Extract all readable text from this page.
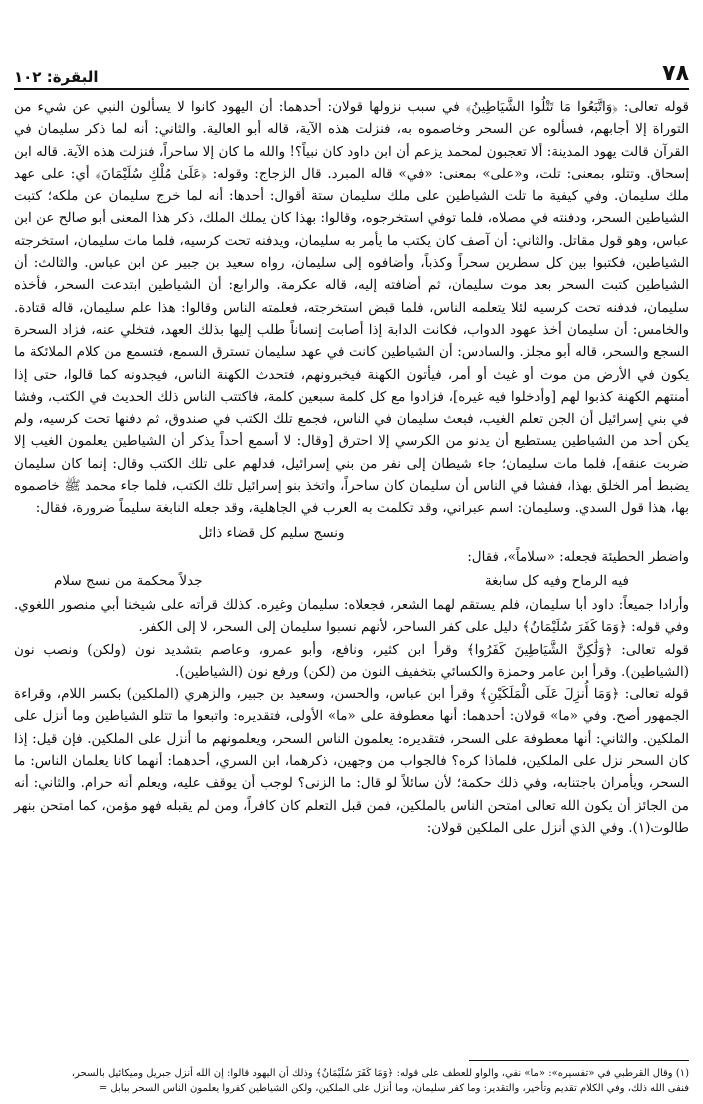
٧٨
البقرة: ١٠٢

قوله تعالى: ﴿وَاتَّبَعُوا مَا تَتْلُوا الشَّيَاطِينُ﴾ في سبب نزولها قولان: أحدهما: أن اليهود كانوا لا يسألون النبي عن شيء من التوراة إلا أجابهم، فسألوه عن السحر وخاصموه به، فنزلت هذه الآية، قاله أبو العالية. والثاني: أنه لما ذكر سليمان في القرآن قالت يهود المدينة: ألا تعجبون لمحمد يزعم أن ابن داود كان نبياً؟! والله ما كان إلا ساحراً، فنزلت هذه الآية. قاله ابن إسحاق. وتتلو، بمعنى: تلت، و«على» بمعنى: «في» قاله المبرد. قال الزجاج: وقوله: ﴿عَلَىٰ مُلْكِ سُلَيْمَانَ﴾ أي: على عهد ملك سليمان. وفي كيفية ما تلت الشياطين على ملك سليمان ستة أقوال: أحدها: أنه لما خرج سليمان عن ملكه؛ كتبت الشياطين السحر، ودفنته في مصلاه، فلما توفي استخرجوه، وقالوا: بهذا كان يملك الملك، ذكر هذا المعنى أبو صالح عن ابن عباس، وهو قول مقاتل. والثاني: أن آصف كان يكتب ما يأمر به سليمان، ويدفنه تحت كرسيه، فلما مات سليمان، استخرجته الشياطين، فكتبوا بين كل سطرين سحراً وكذباً، وأضافوه إلى سليمان، رواه سعيد بن جبير عن ابن عباس. والثالث: أن الشياطين كتبت السحر بعد موت سليمان، ثم أضافته إليه، قاله عكرمة. والرابع: أن الشياطين ابتدعت السحر، فأخذه سليمان، فدفنه تحت كرسيه لئلا يتعلمه الناس، فلما قبض استخرجته، فعلمته الناس وقالوا: هذا علم سليمان، قاله قتادة. والخامس: أن سليمان أخذ عهود الدواب، فكانت الدابة إذا أصابت إنساناً طلب إليها بذلك العهد، فتخلي عنه، فزاد السحرة السجع والسحر، قاله أبو مجلز. والسادس: أن الشياطين كانت في عهد سليمان تسترق السمع، فتسمع من كلام الملائكة ما يكون في الأرض من موت أو غيث أو أمر، فيأتون الكهنة فيخبرونهم، فتحدث الكهنة الناس، فيجدونه كما قالوا، حتى إذا أمنتهم الكهنة كذبوا لهم [وأدخلوا فيه غيره]، فزادوا مع كل كلمة سبعين كلمة، فاكتتب الناس ذلك الحديث في الكتب، وفشا في بني إسرائيل أن الجن تعلم الغيب، فبعث سليمان في الناس، فجمع تلك الكتب في صندوق، ثم دفنها تحت كرسيه، ولم يكن أحد من الشياطين يستطيع أن يدنو من الكرسي إلا احترق [وقال: لا أسمع أحداً يذكر أن الشياطين يعلمون الغيب إلا ضربت عنقه]، فلما مات سليمان؛ جاء شيطان إلى نفر من بني إسرائيل، فدلهم على تلك الكتب وقال: إنما كان سليمان يضبط أمر الخلق بهذا، ففشا في الناس أن سليمان كان ساحراً، واتخذ بنو إسرائيل تلك الكتب، فلما جاء محمد ﷺ خاصموه بها، هذا قول السدي. وسليمان: اسم عبراني، وقد تكلمت به العرب في الجاهلية، وقد جعله النابغة سليماً ضرورة، فقال:

ونسج سليم كل قضاء ذائل

واضطر الحطيئة فجعله: «سلاماً»، فقال:

فيه الرماح وفيه كل سابغة
جدلاً محكمة من نسج سلام

وأرادا جميعاً: داود أبا سليمان، فلم يستقم لهما الشعر، فجعلاه: سليمان وغيره. كذلك قرأته على شيخنا أبي منصور اللغوي. وفي قوله: ﴿وَمَا كَفَرَ سُلَيْمَانُ﴾ دليل على كفر الساحر، لأنهم نسبوا سليمان إلى السحر، لا إلى الكفر.

قوله تعالى: ﴿وَلَٰكِنَّ الشَّيَاطِينَ كَفَرُوا﴾ وقرأ ابن كثير، ونافع، وأبو عمرو، وعاصم بتشديد نون (ولكن) ونصب نون (الشياطين). وقرأ ابن عامر وحمزة والكسائي بتخفيف النون من (لكن) ورفع نون (الشياطين).

قوله تعالى: ﴿وَمَا أُنزِلَ عَلَى الْمَلَكَيْنِ﴾ وقرأ ابن عباس، والحسن، وسعيد بن جبير، والزهري (الملكين) بكسر اللام، وقراءة الجمهور أصح. وفي «ما» قولان: أحدهما: أنها معطوفة على «ما» الأولى، فتقديره: واتبعوا ما تتلو الشياطين وما أنزل على الملكين. والثاني: أنها معطوفة على السحر، فتقديره: يعلمون الناس السحر، ويعلمونهم ما أنزل على الملكين. فإن قيل: إذا كان السحر نزل على الملكين، فلماذا كره؟ فالجواب من وجهين، ذكرهما، ابن السري، أحدهما: أنهما كانا يعلمان الناس: ما السحر، ويأمران باجتنابه، وفي ذلك حكمة؛ لأن سائلاً لو قال: ما الزنى؟ لوجب أن يوقف عليه، ويعلم أنه حرام. والثاني: أنه من الجائز أن يكون الله تعالى امتحن الناس بالملكين، فمن قبل التعلم كان كافراً، ومن لم يقبله فهو مؤمن، كما امتحن بنهر طالوت(١). وفي الذي أنزل على الملكين قولان:

(١) وقال القرطبي في «تفسيره»: «ما» نفي، والواو للعطف على قوله: ﴿وَمَا كَفَرَ سُلَيْمَانُ﴾ وذلك أن اليهود قالوا: إن الله أنزل جبريل وميكائيل بالسحر،

فنفى الله ذلك، وفي الكلام تقديم وتأخير، والتقدير: وما كفر سليمان، وما أنزل على الملكين، ولكن الشياطين كفروا يعلمون الناس السحر ببابل =
